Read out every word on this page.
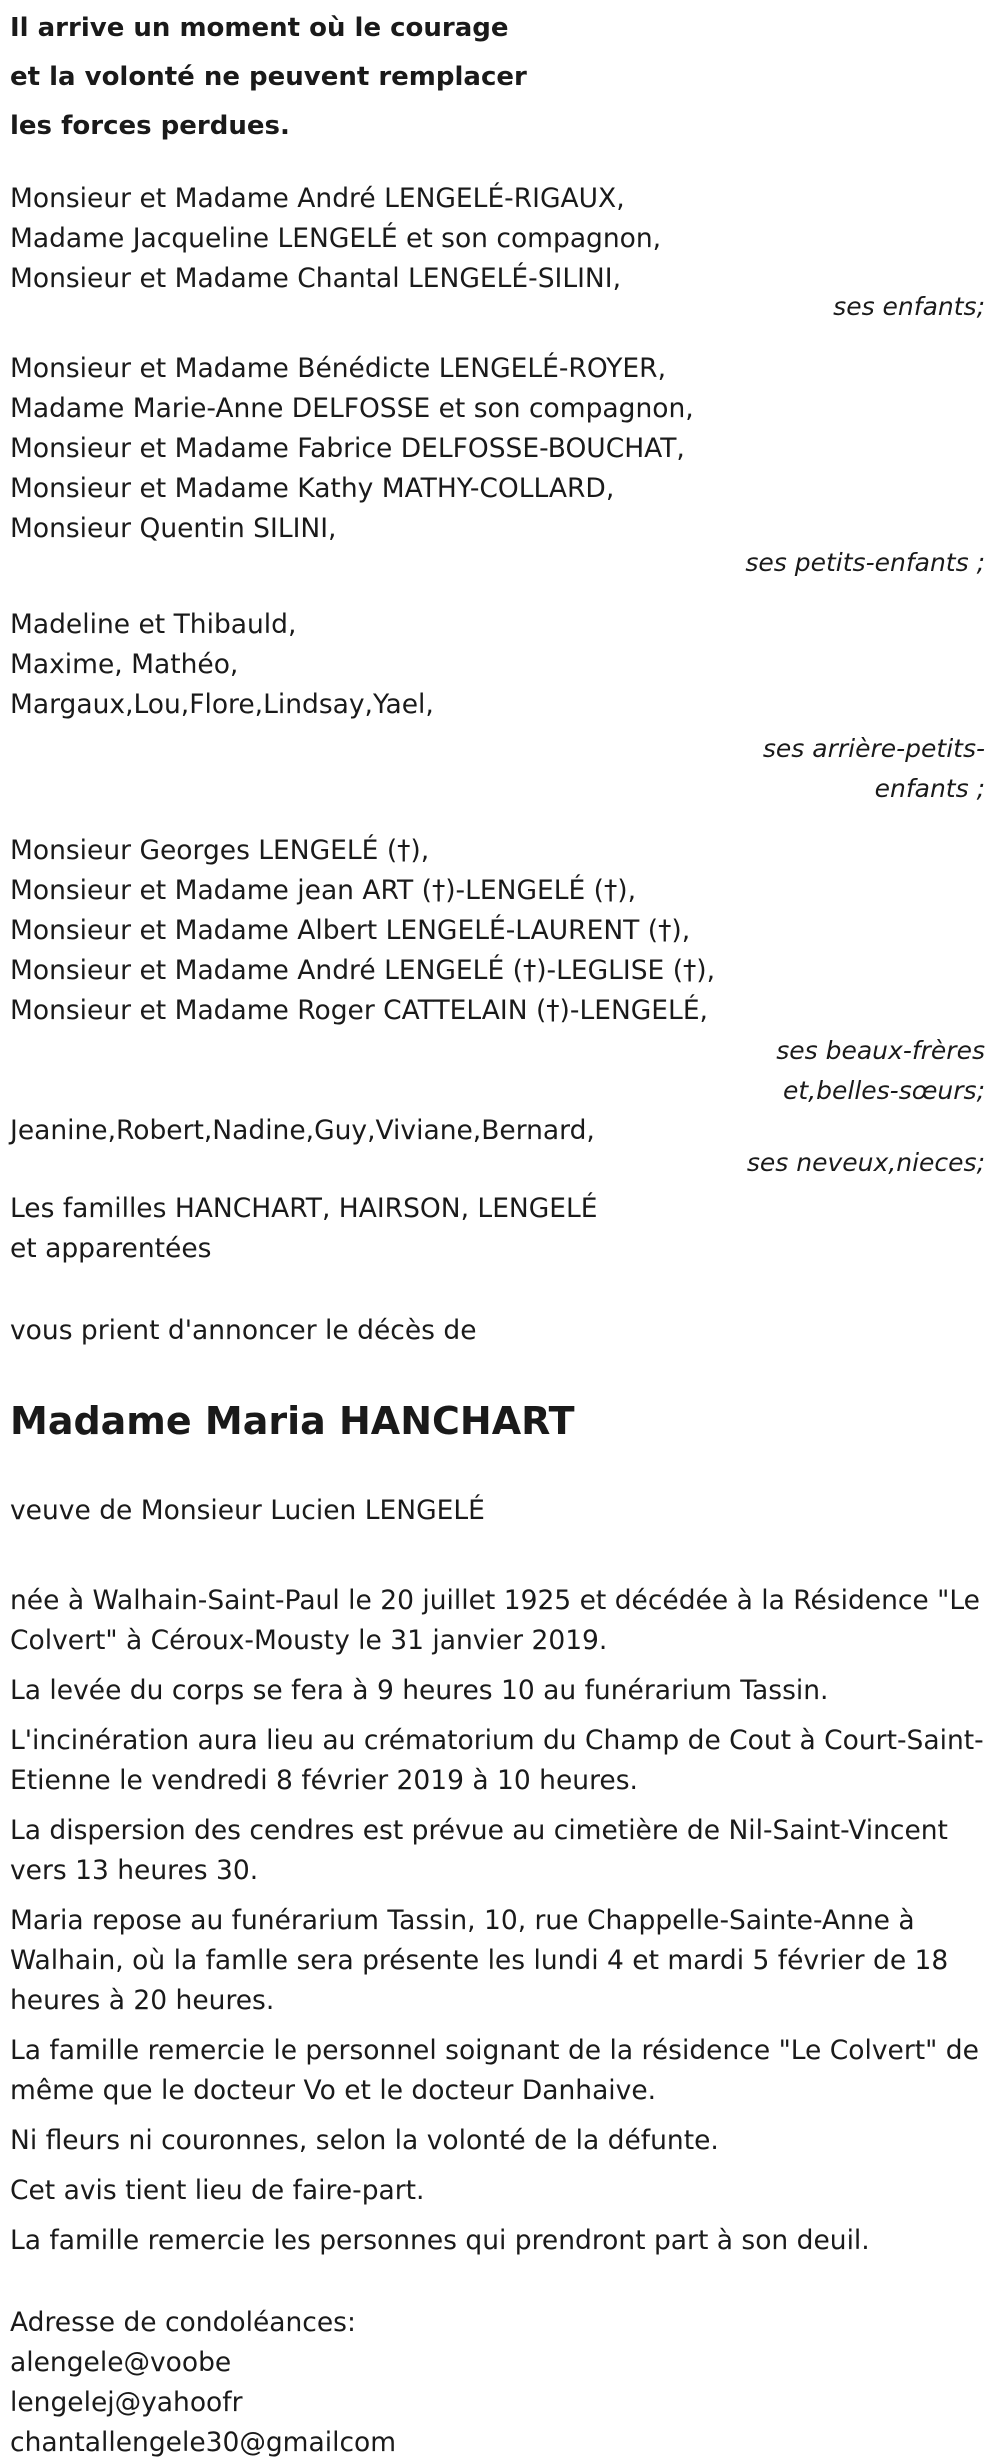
Il arrive un moment où le courage
et la volonté ne peuvent remplacer
les forces perdues.
Monsieur et Madame André LENGELÉ-RIGAUX,
Madame Jacqueline LENGELÉ et son compagnon,
Monsieur et Madame Chantal LENGELÉ-SILINI,
ses enfants;
Monsieur et Madame Bénédicte LENGELÉ-ROYER,
Madame Marie-Anne DELFOSSE et son compagnon,
Monsieur et Madame Fabrice DELFOSSE-BOUCHAT,
Monsieur et Madame Kathy MATHY-COLLARD,
Monsieur Quentin SILINI,
ses petits-enfants ;
Madeline et Thibauld,
Maxime, Mathéo,
Margaux,Lou,Flore,Lindsay,Yael,
ses arrière-petits-enfants ;
Monsieur Georges LENGELÉ (†),
Monsieur et Madame jean ART (†)-LENGELÉ (†),
Monsieur et Madame Albert LENGELÉ-LAURENT (†),
Monsieur et Madame André LENGELÉ (†)-LEGLISE (†),
Monsieur et Madame Roger CATTELAIN (†)-LENGELÉ,
ses beaux-frères et,belles-sœurs;
Jeanine,Robert,Nadine,Guy,Viviane,Bernard,
ses neveux,nieces;
Les familles HANCHART, HAIRSON, LENGELÉ
et apparentées
vous prient d'annoncer le décès de
Madame Maria HANCHART
veuve de Monsieur Lucien LENGELÉ

née à Walhain-Saint-Paul le 20 juillet 1925 et décédée à la Résidence "Le Colvert" à Céroux-Mousty le 31 janvier 2019.

La levée du corps se fera à 9 heures 10 au funérarium Tassin.

L'incinération aura lieu au crématorium du Champ de Cout à Court-Saint-Etienne le vendredi 8 février 2019 à 10 heures.

La dispersion des cendres est prévue au cimetière de Nil-Saint-Vincent vers 13 heures 30.

Maria repose au funérarium Tassin, 10, rue Chappelle-Sainte-Anne à Walhain, où la famlle sera présente les lundi 4 et mardi 5 février de 18 heures à 20 heures.

La famille remercie le personnel soignant de la résidence "Le Colvert" de même que le docteur Vo et le docteur Danhaive.

Ni fleurs ni couronnes, selon la volonté de la défunte.

Cet avis tient lieu de faire-part.

La famille remercie les personnes qui prendront part à son deuil.

Adresse de condoléances:
alengele@voobe
lengelej@yahoofr
chantallengele30@gmailcom
